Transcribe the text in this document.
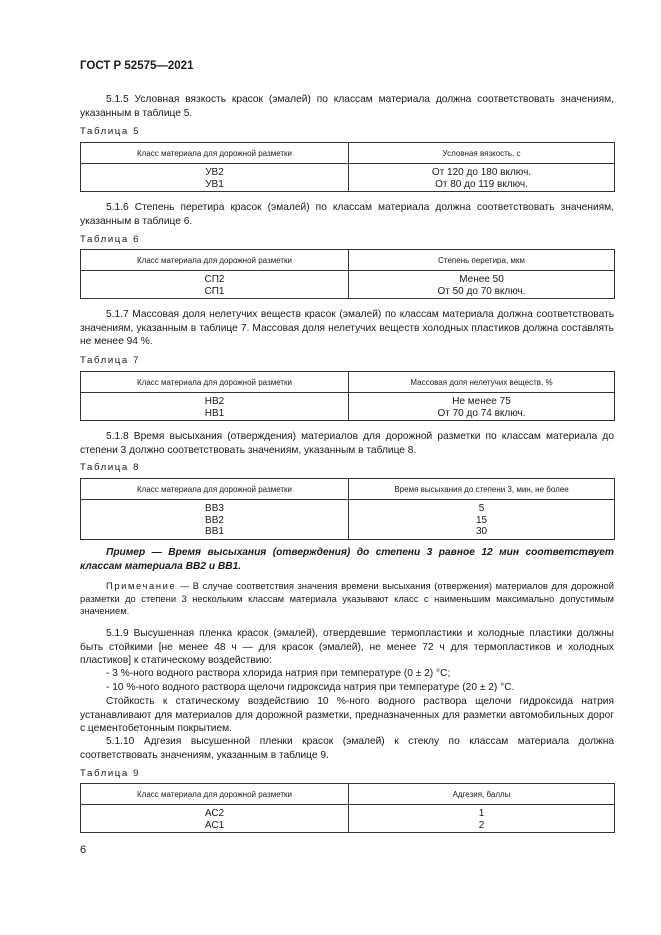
ГОСТ Р 52575—2021

5.1.5 Условная вязкость красок (эмалей) по классам материала должна соответствовать значениям, указанным в таблице 5.

Таблица 5
Класс материала для дорожной разметки	Условная вязкость, с
УВ2	От 120 до 180 включ.
УВ1	От 80 до 119 включ.

5.1.6 Степень перетира красок (эмалей) по классам материала должна соответствовать значениям, указанным в таблице 6.

Таблица 6
Класс материала для дорожной разметки	Степень перетира, мкм
СП2	Менее 50
СП1	От 50 до 70 включ.

5.1.7 Массовая доля нелетучих веществ красок (эмалей) по классам материала должна соответствовать значениям, указанным в таблице 7. Массовая доля нелетучих веществ холодных пластиков должна составлять не менее 94 %.

Таблица 7
Класс материала для дорожной разметки	Массовая доля нелетучих веществ, %
НВ2	Не менее 75
НВ1	От 70 до 74 включ.

5.1.8 Время высыхания (отверждения) материалов для дорожной разметки по классам материала до степени 3 должно соответствовать значениям, указанным в таблице 8.

Таблица 8
Класс материала для дорожной разметки	Время высыхания до степени 3, мин, не более
ВВ3	5
ВВ2	15
ВВ1	30

Пример — Время высыхания (отверждения) до степени 3 равное 12 мин соответствует классам материала ВВ2 и ВВ1.

Примечание — В случае соответствия значения времени высыхания (отвержения) материалов для дорожной разметки до степени 3 нескольким классам материала указывают класс с наименьшим максимально допустимым значением.

5.1.9 Высушенная пленка красок (эмалей), отвердевшие термопластики и холодные пластики должны быть стойкими [не менее 48 ч — для красок (эмалей), не менее 72 ч для термопластиков и холодных пластиков] к статическому воздействию:

- 3 %-ного водного раствора хлорида натрия при температуре (0 ± 2) °С;

- 10 %-ного водного раствора щелочи гидроксида натрия при температуре (20 ± 2) °С.

Стойкость к статическому воздействию 10 %-ного водного раствора щелочи гидроксида натрия устанавливают для материалов для дорожной разметки, предназначенных для разметки автомобильных дорог с цементобетонным покрытием.

5.1.10 Адгезия высушенной пленки красок (эмалей) к стеклу по классам материала должна соответствовать значениям, указанным в таблице 9.

Таблица 9
Класс материала для дорожной разметки	Адгезия, баллы
АС2	1
АС1	2
6
